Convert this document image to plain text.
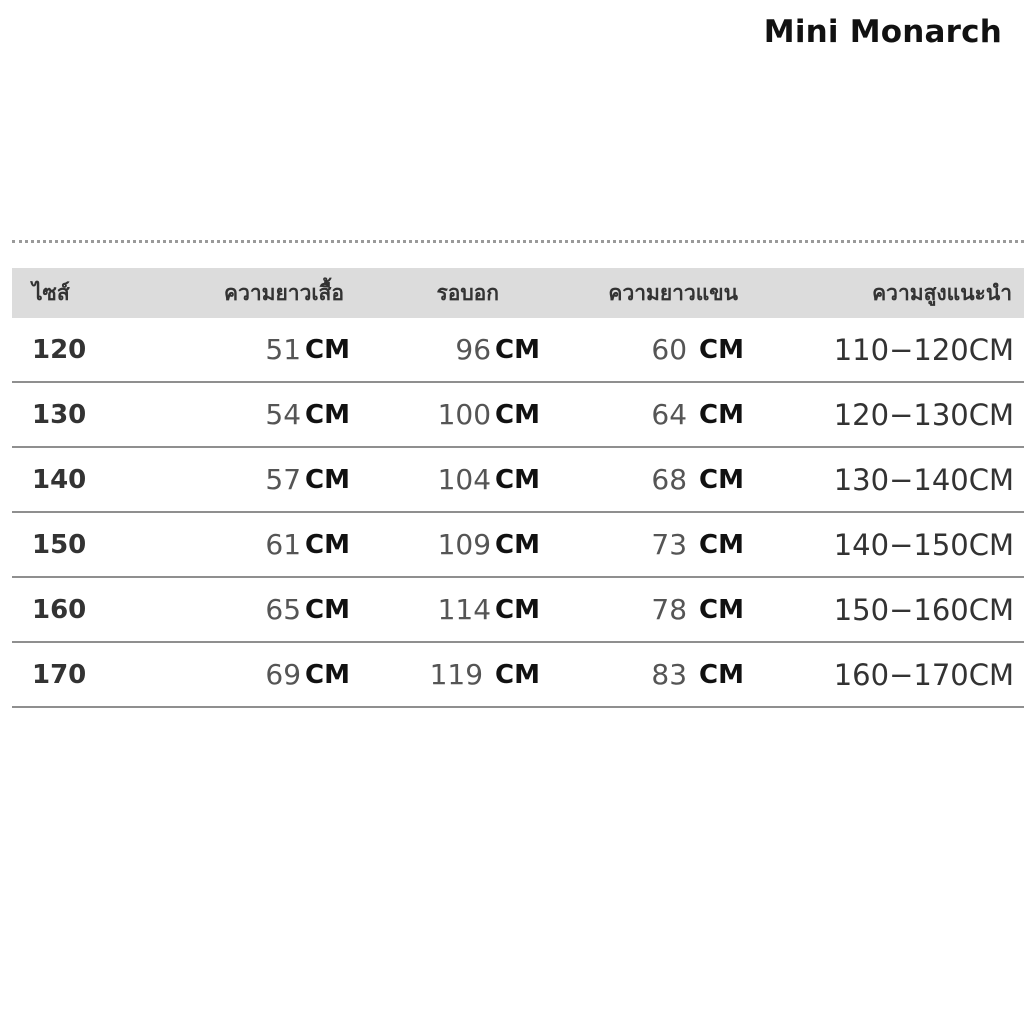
Mini Monarch
ไซส์	ความยาวเสื้อ	รอบอก	ความยาวแขน	ความสูงแนะนำ
120	51 CM	96 CM	60 CM	110−120CM
130	54 CM	100 CM	64 CM	120−130CM
140	57 CM	104 CM	68 CM	130−140CM
150	61 CM	109 CM	73 CM	140−150CM
160	65 CM	114 CM	78 CM	150−160CM
170	69 CM	119 CM	83 CM	160−170CM
